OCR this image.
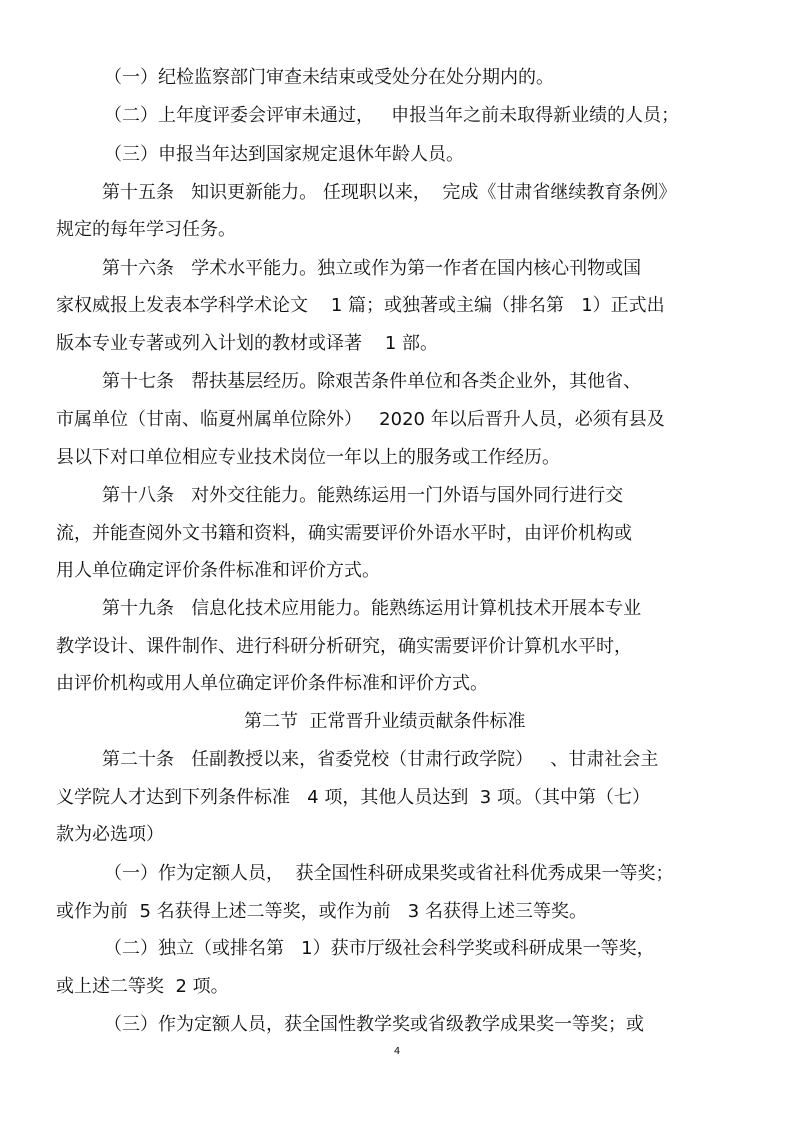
（一）纪检监察部门审查未结束或受处分在处分期内的。
（二）上年度评委会评审未通过，   申报当年之前未取得新业绩的人员；
（三）申报当年达到国家规定退休年龄人员。
第十五条   知识更新能力。 任现职以来，  完成《甘肃省继续教育条例》
规定的每年学习任务。
第十六条   学术水平能力。独立或作为第一作者在国内核心刊物或国
家权威报上发表本学科学术论文    1 篇；或独著或主编（排名第   1）正式出
版本专业专著或列入计划的教材或译著    1 部。
第十七条   帮扶基层经历。除艰苦条件单位和各类企业外，其他省、
市属单位（甘南、临夏州属单位除外）   2020 年以后晋升人员，必须有县及
县以下对口单位相应专业技术岗位一年以上的服务或工作经历。
第十八条   对外交往能力。能熟练运用一门外语与国外同行进行交
流，并能查阅外文书籍和资料，确实需要评价外语水平时，由评价机构或
用人单位确定评价条件标准和评价方式。
第十九条   信息化技术应用能力。能熟练运用计算机技术开展本专业
教学设计、课件制作、进行科研分析研究，确实需要评价计算机水平时，
由评价机构或用人单位确定评价条件标准和评价方式。
第二节  正常晋升业绩贡献条件标准
第二十条   任副教授以来，省委党校（甘肃行政学院）   、甘肃社会主
义学院人才达到下列条件标准   4 项，其他人员达到  3 项。（其中第（七）
款为必选项）
（一）作为定额人员，  获全国性科研成果奖或省社科优秀成果一等奖；
或作为前  5 名获得上述二等奖，或作为前   3 名获得上述三等奖。
（二）独立（或排名第   1）获市厅级社会科学奖或科研成果一等奖，
或上述二等奖  2 项。
（三）作为定额人员，获全国性教学奖或省级教学成果奖一等奖；或
4
